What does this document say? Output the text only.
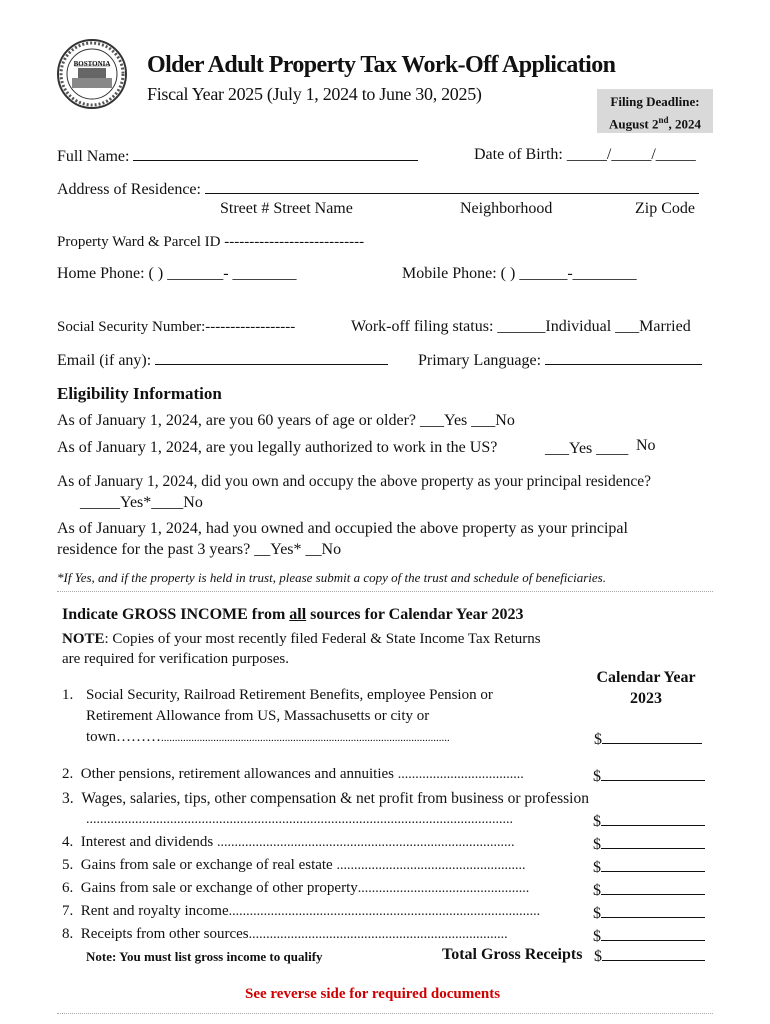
BOSTONIA	Older Adult Property Tax Work-Off Application
Fiscal Year 2025 (July 1, 2024 to June 30, 2025)	Filing Deadline:
August 2nd, 2024
Full Name:	Date of Birth: _____/_____/_____
Address of Residence:
Street # Street Name	Neighborhood	Zip Code
Property Ward & Parcel ID ----------------------------
Home Phone: ( ) _______- ________	Mobile Phone: ( ) ______-________
Social Security Number:------------------	Work-off filing status: ______Individual ___Married
Email (if any):	Primary Language:
Eligibility Information
As of January 1, 2024, are you 60 years of age or older? ___Yes ___No
As of January 1, 2024, are you legally authorized to work in the US?	___Yes ____ No
As of January 1, 2024, did you own and occupy the above property as your principal residence?
_____Yes*____No
As of January 1, 2024, had you owned and occupied the above property as your principal
residence for the past 3 years? __Yes* __No
*If Yes, and if the property is held in trust, please submit a copy of the trust and schedule of beneficiaries.
Indicate GROSS INCOME from all sources for Calendar Year 2023
NOTE: Copies of your most recently filed Federal & State Income Tax Returns
are required for verification purposes.
Calendar Year
2023
1. Social Security, Railroad Retirement Benefits, employee Pension or
Retirement Allowance from US, Massachusetts or city or
town……….........................................................................................................	$
2. Other pensions, retirement allowances and annuities ....................................	$
3. Wages, salaries, tips, other compensation & net profit from business or profession
..........................................................................................................................	$
4. Interest and dividends .....................................................................................	$
5. Gains from sale or exchange of real estate ......................................................	$
6. Gains from sale or exchange of other property.................................................	$
7. Rent and royalty income.........................................................................................	$
8. Receipts from other sources..........................................................................	$
Note: You must list gross income to qualify	Total Gross Receipts $
See reverse side for required documents
